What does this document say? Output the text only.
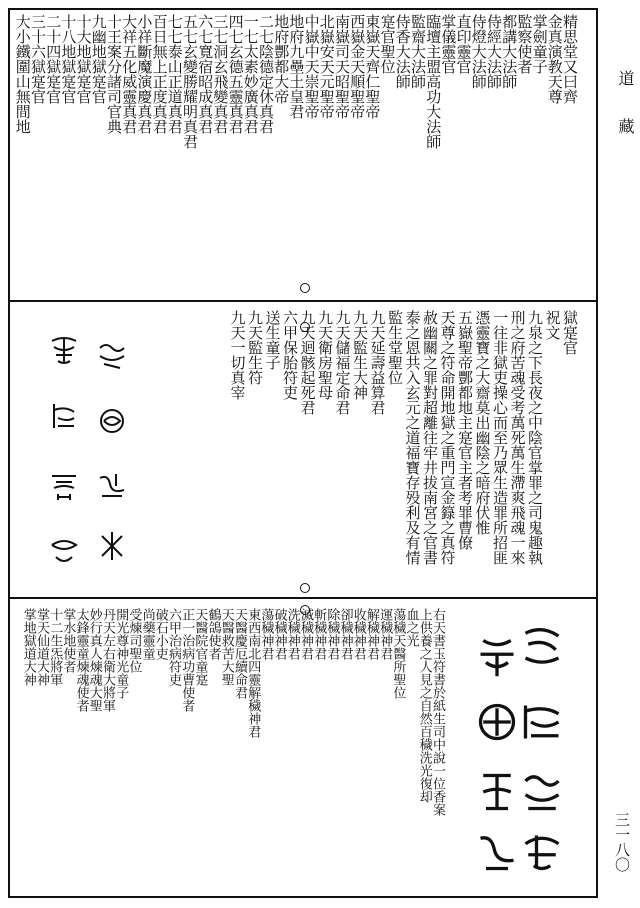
道
藏
三一八〇
精思堂又曰齊
金真演教天尊
掌劍童子
監察使者
都講大法師
侍經大法師
侍燈大法師
直印靈官
掌儀靈官
臨壇主盟高功大法師
監齋大法師
侍香大法師
寔官聖位
東嶽天齊仁聖帝
西嶽金天順聖帝
南嶽司天昭聖帝
北嶽安天元聖帝
中嶽中天崇聖帝
地府九壘土皇君
地府酆都大帝
二七陰德定休真君
一七太素妙廣真君
四七玄德五靈真君
三七洞玄飛變真君
六七寬宿昭成真君
五七玄變勝耀明真君
七七泰山正道真君
百日無上正度真君
小祥斷魔演慶真君
大祥五化威靈真君
十王案分諸司官典
九幽地獄寔官
十大地獄寔官
十八地獄寔官
二十四獄寔官
三十六獄寔官
大小鐵圍山無間地
獄寔官
祝文
九泉之下長夜之中陰官掌罪之司鬼趣執
刑之府苦魂受考萬死萬生滯爽飛魂一來
一往非獄吏操心而至乃眾生造罪所招匪
憑靈寶之大齋莫出幽陰之暗府伏惟
五嶽聖帝酆都地主寔官主者考罪曹僚
天尊之符命開地獄之重門宣金籙之真符
赦幽關之罪對超離往牢井拔南宮之官書
泰之恩共入玄元之道福寶存殁利及有情
監生堂聖位
九天延壽益算君
九天監生大神
九天儲福定命君
九天衛房聖母
九天迴骸起死君
六甲保胎符吏
送生童子
九天監生符
九天一切真宰
右天書玉符書於紙生司中說一位香案
上供養之人見之自然百穢洗光復却
血之光
蕩穢天醫所聖位
運穢神君
解穢神君
收穢神君
卻穢神君
除穢神君
斬穢神君
滅穢神君
洗穢神君
破穢神君
蕩穢神君
東西南北四靈解穢神君
天醫慶厄續命君
天醫救苦大聖
鶴鴿使者
天醫院官童寔
正一治病功曹使者
六甲治病符吏
破石小吏
尚藥靈童
受煉司聖位
開光尊神光童子
丹天左右衛大將軍
妙行真人煉魂大聖
太鋒靈童煉魂使者
掌水地使者
十二生炁將軍
掌天仙道大神
掌地獄道大神
